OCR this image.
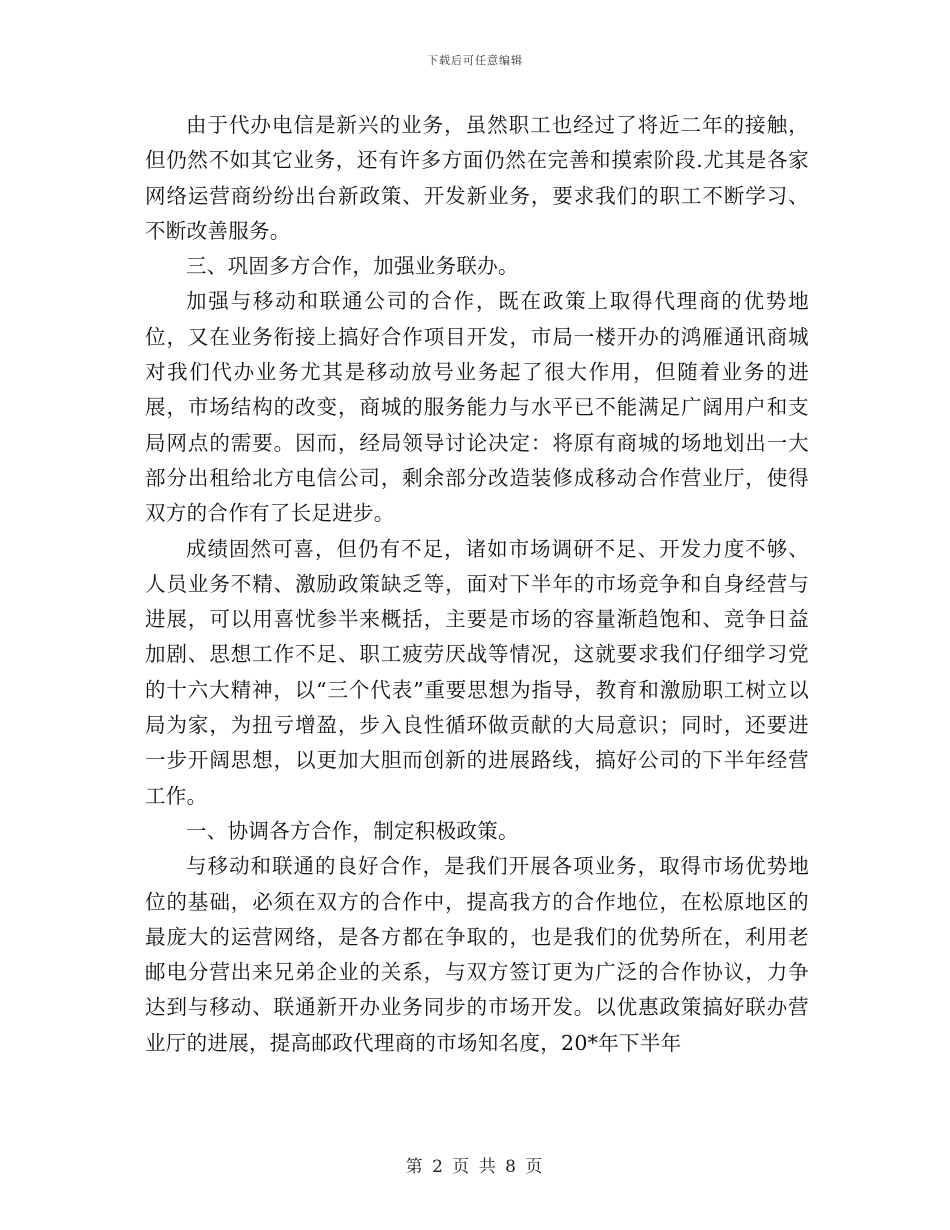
下载后可任意编辑

由于代办电信是新兴的业务，虽然职工也经过了将近二年的接触，但仍然不如其它业务，还有许多方面仍然在完善和摸索阶段.尤其是各家网络运营商纷纷出台新政策、开发新业务，要求我们的职工不断学习、不断改善服务。

三、巩固多方合作，加强业务联办。

加强与移动和联通公司的合作，既在政策上取得代理商的优势地位，又在业务衔接上搞好合作项目开发，市局一楼开办的鸿雁通讯商城对我们代办业务尤其是移动放号业务起了很大作用，但随着业务的进展，市场结构的改变，商城的服务能力与水平已不能满足广阔用户和支局网点的需要。因而，经局领导讨论决定：将原有商城的场地划出一大部分出租给北方电信公司，剩余部分改造装修成移动合作营业厅，使得双方的合作有了长足进步。

成绩固然可喜，但仍有不足，诸如市场调研不足、开发力度不够、人员业务不精、激励政策缺乏等，面对下半年的市场竞争和自身经营与进展，可以用喜忧参半来概括，主要是市场的容量渐趋饱和、竞争日益加剧、思想工作不足、职工疲劳厌战等情况，这就要求我们仔细学习党的十六大精神，以“三个代表”重要思想为指导，教育和激励职工树立以局为家，为扭亏增盈，步入良性循环做贡献的大局意识；同时，还要进一步开阔思想，以更加大胆而创新的进展路线，搞好公司的下半年经营工作。

一、协调各方合作，制定积极政策。

与移动和联通的良好合作，是我们开展各项业务，取得市场优势地位的基础，必须在双方的合作中，提高我方的合作地位，在松原地区的最庞大的运营网络，是各方都在争取的，也是我们的优势所在，利用老邮电分营出来兄弟企业的关系，与双方签订更为广泛的合作协议，力争达到与移动、联通新开办业务同步的市场开发。以优惠政策搞好联办营业厅的进展，提高邮政代理商的市场知名度，20*年下半年

第 2 页 共 8 页
